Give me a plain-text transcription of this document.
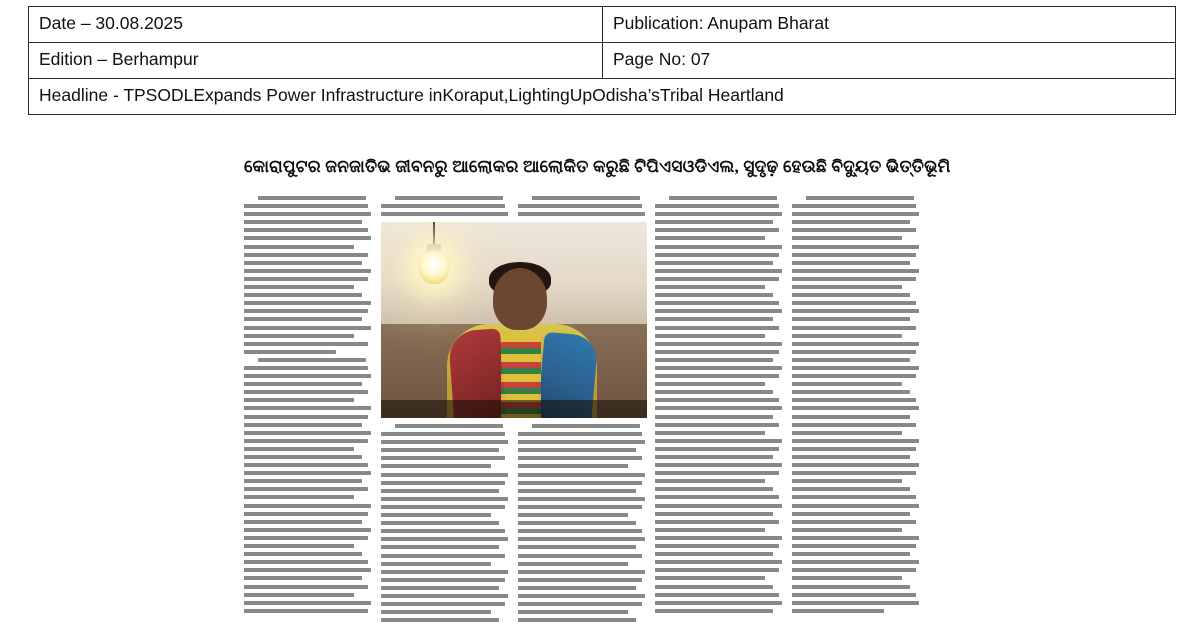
Date – 30.08.2025	Publication: Anupam Bharat
Edition – Berhampur	Page No: 07
Headline - TPSODLExpands Power Infrastructure inKoraput,LightingUpOdisha’sTribal Heartland	
କୋରାପୁଟର ଜନଜାତିଭ ଜୀବନରୁ ଆଲୋକର ଆଲୋକିତ କରୁଛି ଟିପିଏସଓଡିଏଲ, ସୁଦୃଢ଼ ହେଉଛି ବିଦ୍ୟୁତ ଭିତ୍ତିଭୂମି
